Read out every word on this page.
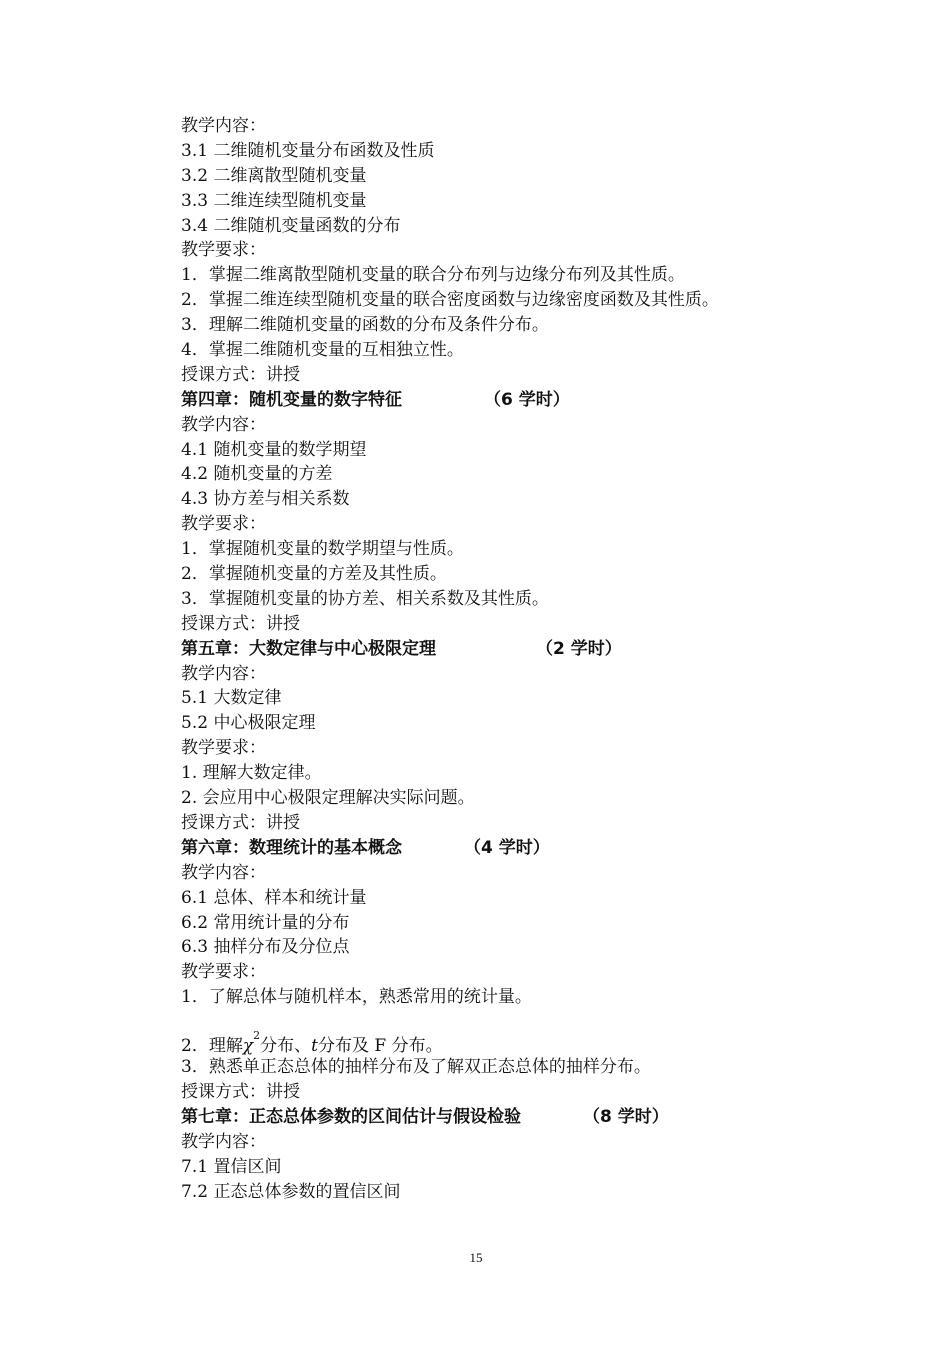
教学内容：
3.1 二维随机变量分布函数及性质
3.2 二维离散型随机变量
3.3 二维连续型随机变量
3.4 二维随机变量函数的分布
教学要求：
1．掌握二维离散型随机变量的联合分布列与边缘分布列及其性质。
2．掌握二维连续型随机变量的联合密度函数与边缘密度函数及其性质。
3．理解二维随机变量的函数的分布及条件分布。
4．掌握二维随机变量的互相独立性。
授课方式：讲授
第四章：随机变量的数字特征	（6 学时）
教学内容：
4.1 随机变量的数学期望
4.2 随机变量的方差
4.3 协方差与相关系数
教学要求：
1．掌握随机变量的数学期望与性质。
2．掌握随机变量的方差及其性质。
3．掌握随机变量的协方差、相关系数及其性质。
授课方式：讲授
第五章：大数定律与中心极限定理	（2 学时）
教学内容：
5.1 大数定律
5.2 中心极限定理
教学要求：
1. 理解大数定律。
2. 会应用中心极限定理解决实际问题。
授课方式：讲授
第六章：数理统计的基本概念	（4 学时）
教学内容：
6.1 总体、样本和统计量
6.2 常用统计量的分布
6.3 抽样分布及分位点
教学要求：
1．了解总体与随机样本，熟悉常用的统计量。
2．理解$\chi^2$分布、t分布及 F 分布。
3．熟悉单正态总体的抽样分布及了解双正态总体的抽样分布。
授课方式：讲授
第七章：正态总体参数的区间估计与假设检验	（8 学时）
教学内容：
7.1 置信区间
7.2 正态总体参数的置信区间
15
